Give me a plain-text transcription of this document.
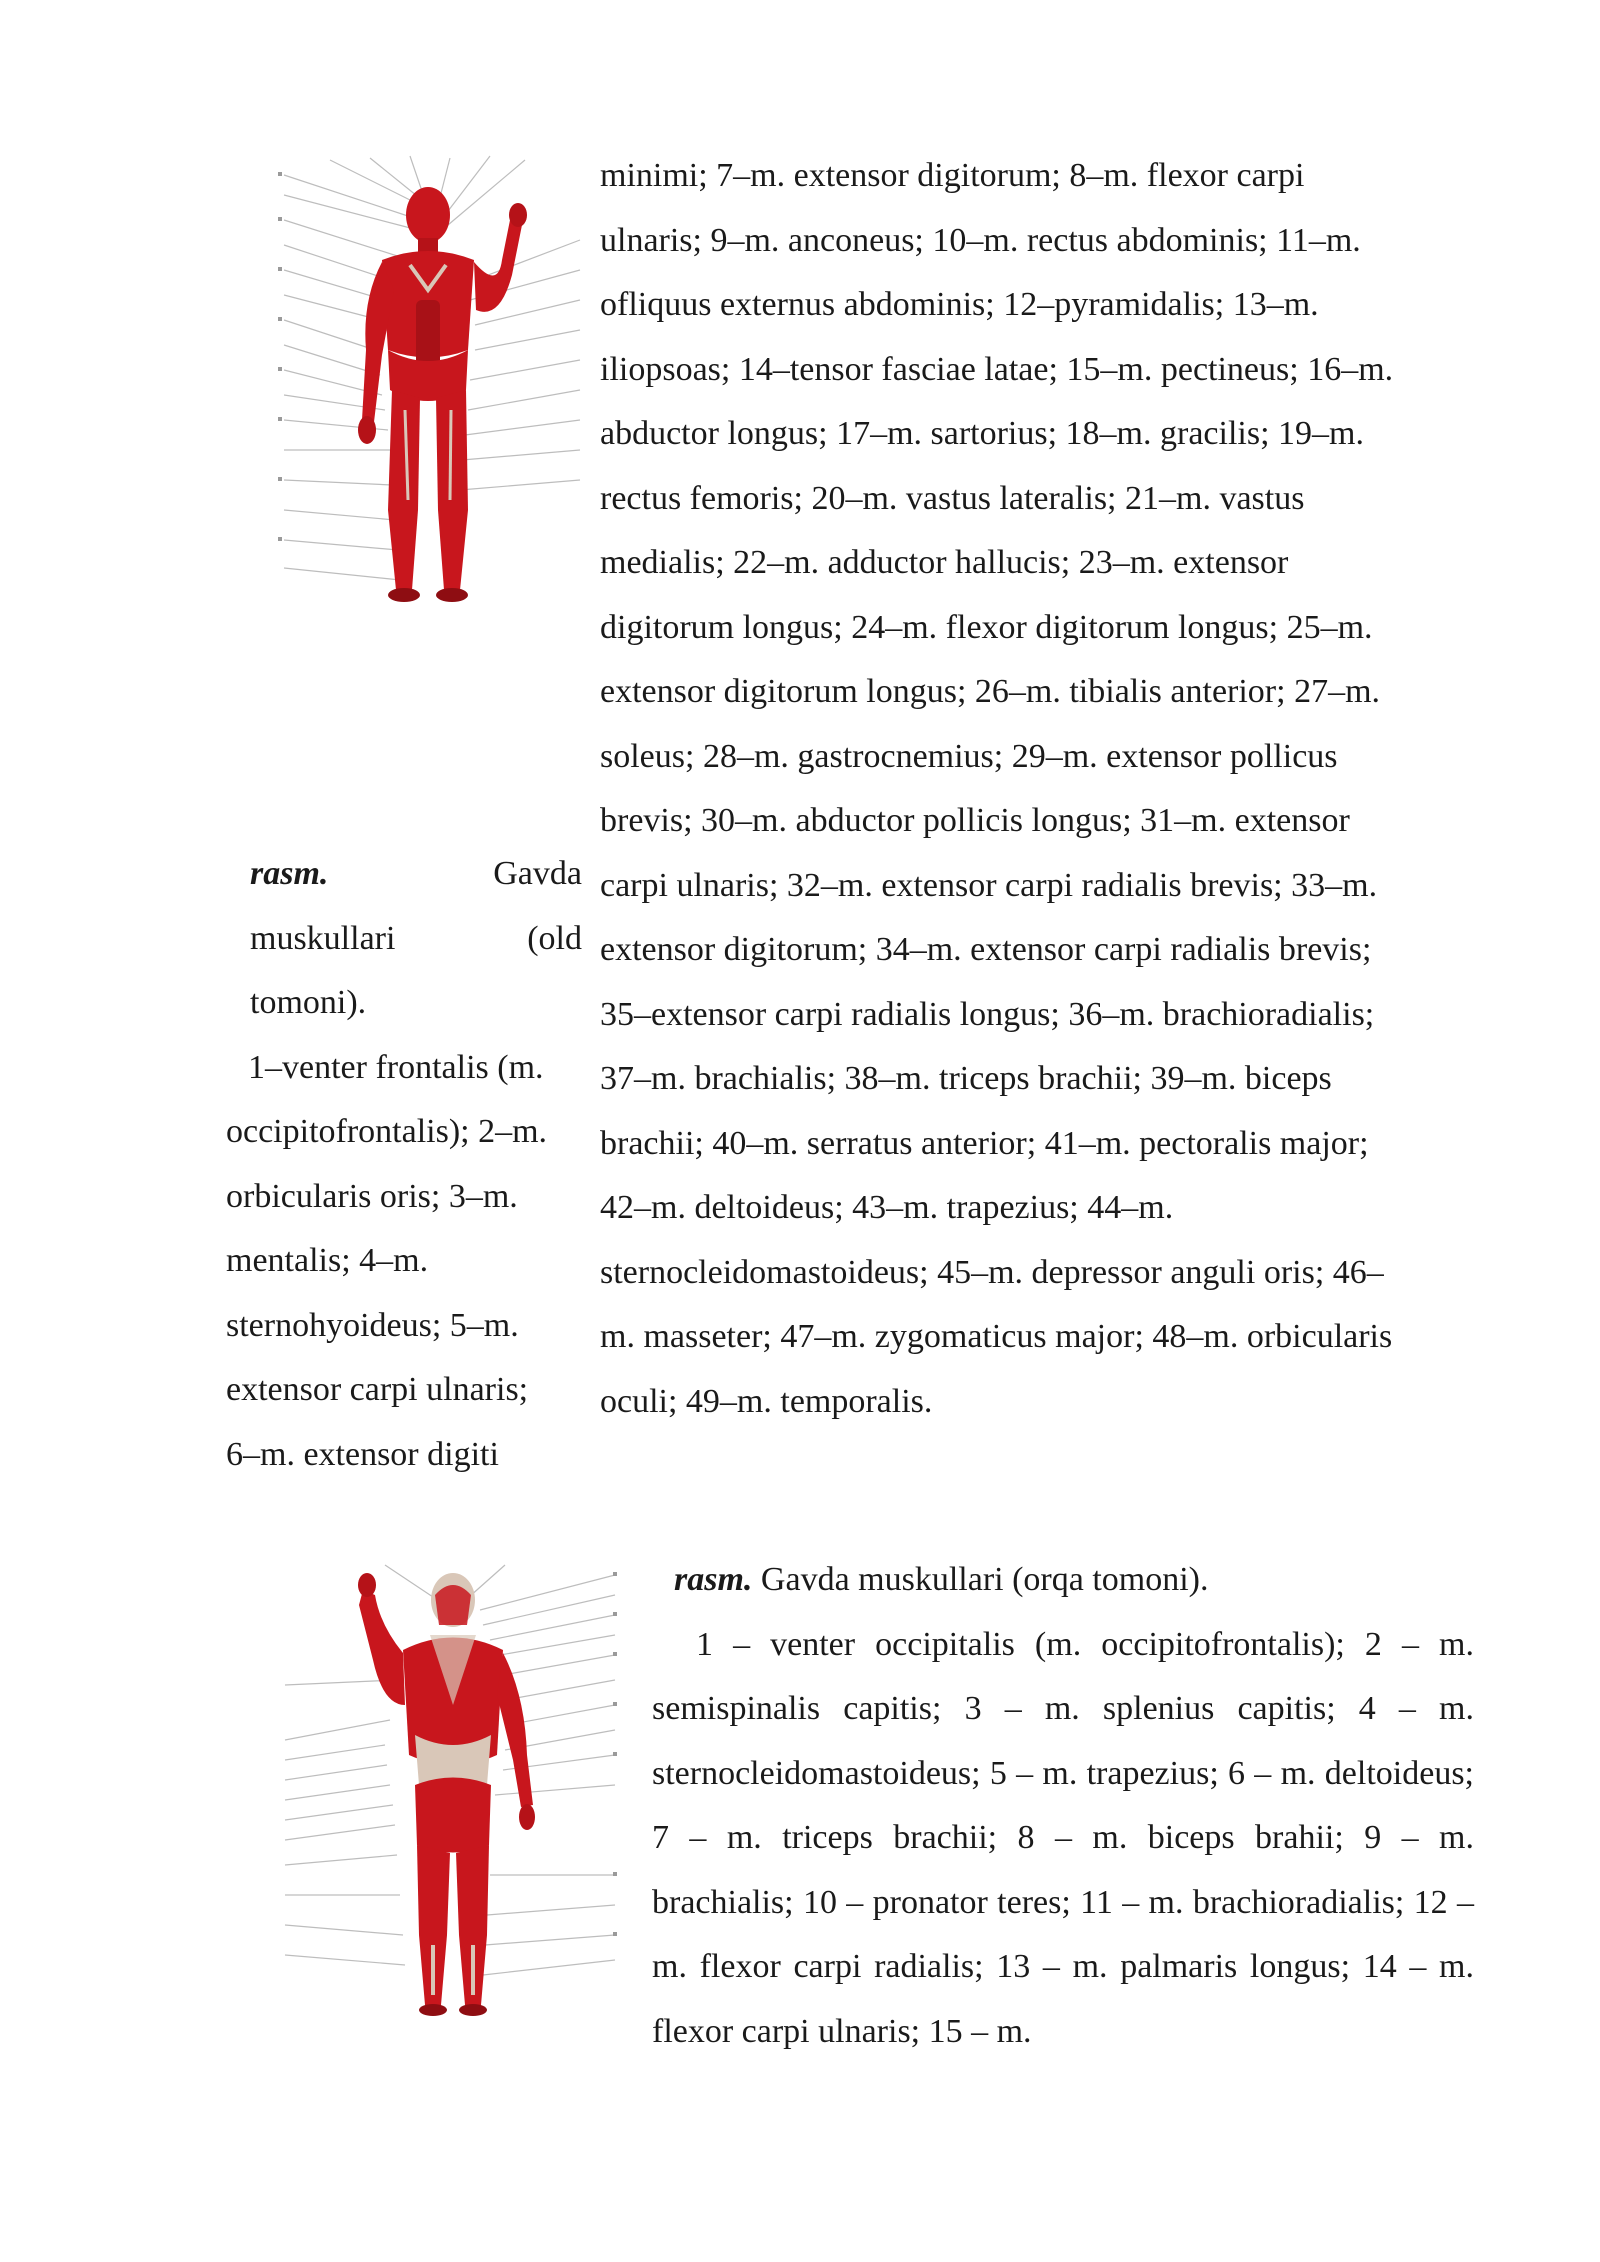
rasm.	Gavda
muskullari	(old
tomoni).

1–venter frontalis (m.

occipitofrontalis); 2–m.

orbicularis oris; 3–m.

mentalis; 4–m.

sternohyoideus; 5–m.

extensor carpi ulnaris;

6–m. extensor digiti

minimi; 7–m. extensor digitorum; 8–m. flexor carpi

ulnaris; 9–m. anconeus; 10–m. rectus abdominis; 11–m.

ofliquus externus abdominis; 12–pyramidalis; 13–m.

iliopsoas; 14–tensor fasciae latae; 15–m. pectineus; 16–m.

abductor longus; 17–m. sartorius; 18–m. gracilis; 19–m.

rectus femoris; 20–m. vastus lateralis; 21–m. vastus

medialis; 22–m. adductor hallucis; 23–m. extensor

digitorum longus; 24–m. flexor digitorum longus; 25–m.

extensor digitorum longus; 26–m. tibialis anterior; 27–m.

soleus; 28–m. gastrocnemius; 29–m. extensor pollicus

brevis; 30–m. abductor pollicis longus; 31–m. extensor

carpi ulnaris; 32–m. extensor carpi radialis brevis; 33–m.

extensor digitorum; 34–m. extensor carpi radialis brevis;

35–extensor carpi radialis longus; 36–m. brachioradialis;

37–m. brachialis; 38–m. triceps brachii; 39–m. biceps

brachii; 40–m. serratus anterior; 41–m. pectoralis major;

42–m. deltoideus; 43–m. trapezius; 44–m.

sternocleidomastoideus; 45–m. depressor anguli oris; 46–

m. masseter; 47–m. zygomaticus major; 48–m. orbicularis

oculi; 49–m. temporalis.

rasm. Gavda muskullari (orqa tomoni).

1 – venter occipitalis (m. occipitofrontalis); 2 – m. semispinalis capitis; 3 – m. splenius capitis; 4 – m. sternocleidomastoideus; 5 – m. trapezius; 6 – m. deltoideus; 7 – m. triceps brachii; 8 – m. biceps brahii; 9 – m. brachialis; 10 – pronator teres; 11 – m. brachioradialis; 12 – m. flexor carpi radialis; 13 – m. palmaris longus; 14 – m. flexor carpi ulnaris; 15 – m.
